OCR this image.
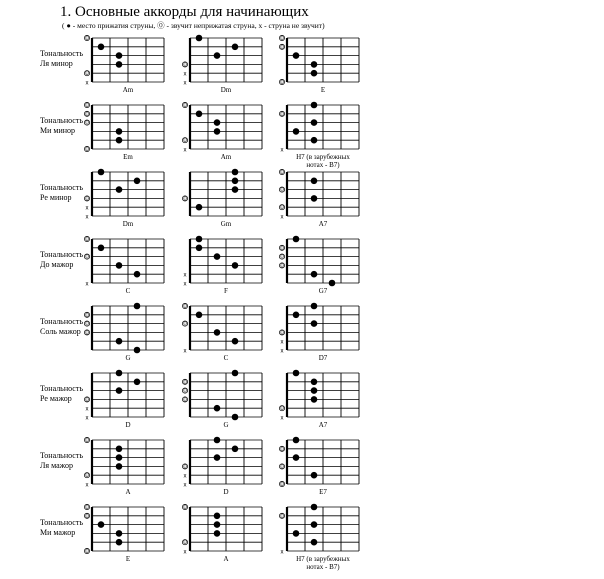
1. Основные аккорды для начинающих
( ● - место прижатия струны, ⓪ - звучит неприжатая струна, x - струна не звучит)
Тональность Ля минор
0
0
x
Am
0
x
x
Dm
0
0
0
E
Тональность Ми минор
0
0
0
0
Em
0
0
x
Am
0
x
H7 (в зарубежных нотах - B7)
Тональность Ре минор	0
x
x
Dm
0
Gm
0
0
0
x
A7
Тональность До мажор
0
0
x
C
x
x
F
0
0
0
G7
Тональность Соль мажор
0
0
0
G
0
0
x
C
0
x
x
D7
Тональность Ре мажор	0
x
x
D
0
0
0
G
0
x
A7
Тональность Ля мажор
0
0
x
A
0
x
x
D
0
0
0
E7
Тональность Ми мажор
0
0
0
E
0
0
x
A
0
x
H7 (в зарубежных нотах - B7)
